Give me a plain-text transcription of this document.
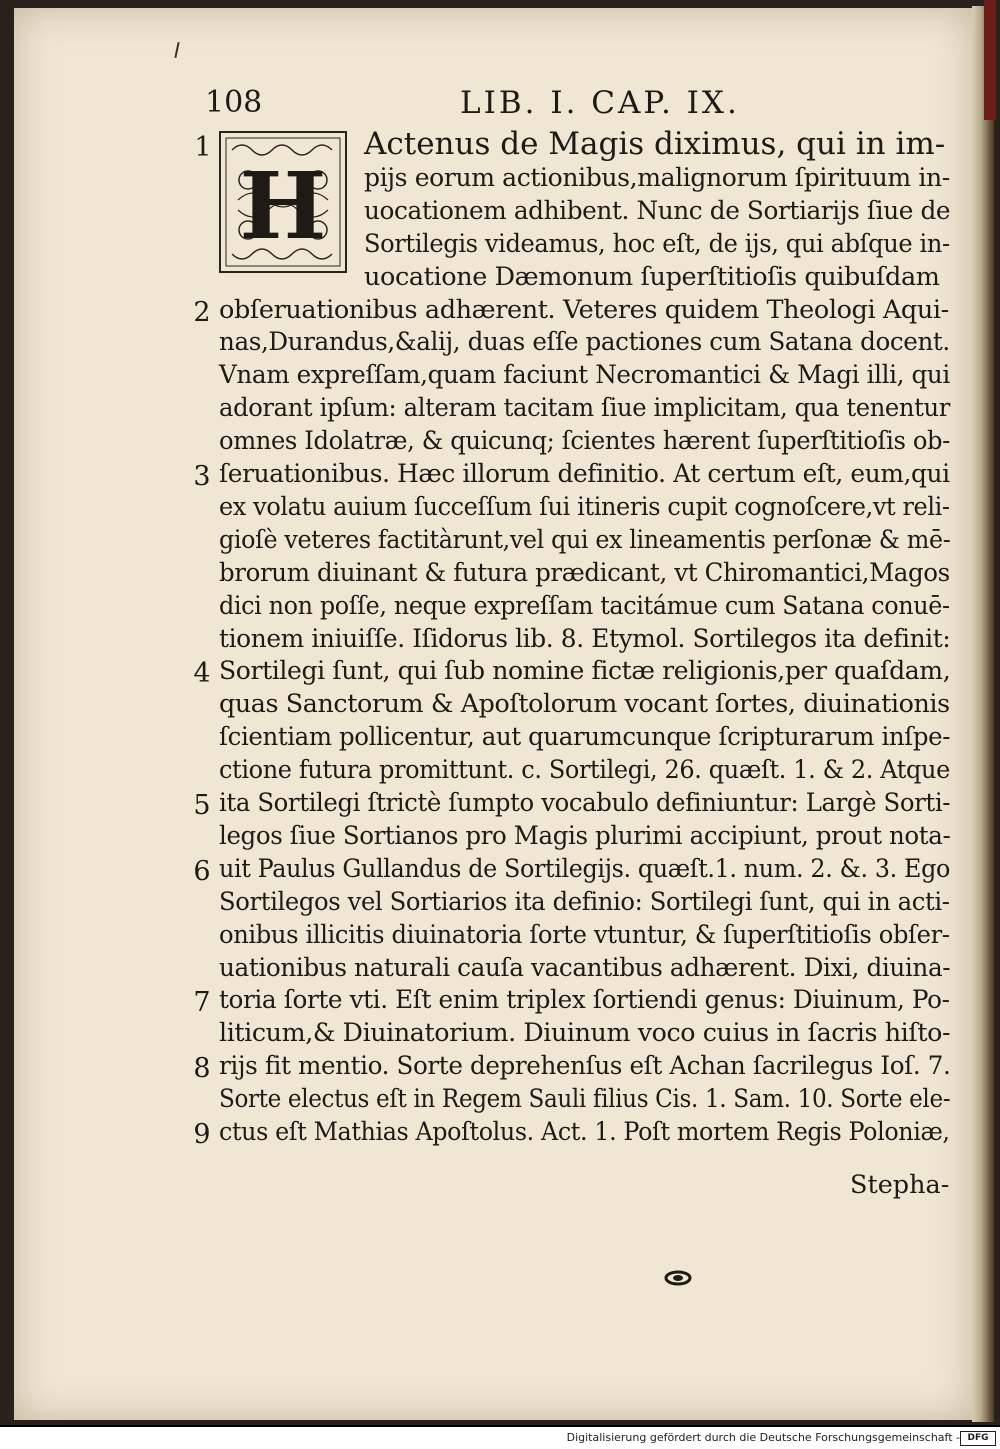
108	LIB. I. CAP. IX.
H
Actenus de Magis diximus, qui in im-
1
pijs eorum actionibus,malignorum ſpirituum in-
uocationem adhibent. Nunc de Sortiarijs ſiue de
Sortilegis videamus, hoc eſt, de ijs, qui abſque in-
uocatione Dæmonum ſuperſtitioſis quibuſdam
obſeruationibus adhærent. Veteres quidem Theologi Aqui-
2
nas,Durandus,&alij, duas eſſe pactiones cum Satana docent.
Vnam expreſſam,quam faciunt Necromantici & Magi illi, qui
adorant ipſum: alteram tacitam ſiue implicitam, qua tenentur
omnes Idolatræ, & quicunq; ſcientes hærent ſuperſtitioſis ob-
ſeruationibus. Hæc illorum definitio. At certum eſt, eum,qui
3
ex volatu auium ſucceſſum ſui itineris cupit cognoſcere,vt reli-
gioſè veteres factitàrunt,vel qui ex lineamentis perſonæ & mē-
brorum diuinant & futura prædicant, vt Chiromantici,Magos
dici non poſſe, neque expreſſam tacitámue cum Satana conuē-
tionem iniuiſſe. Iſidorus lib. 8. Etymol. Sortilegos ita definit:
Sortilegi ſunt, qui ſub nomine fictæ religionis,per quaſdam,
4
quas Sanctorum & Apoſtolorum vocant ſortes, diuinationis
ſcientiam pollicentur, aut quarumcunque ſcripturarum inſpe-
ctione futura promittunt. c. Sortilegi, 26. quæſt. 1. & 2. Atque
ita Sortilegi ſtrictè ſumpto vocabulo definiuntur: Largè Sorti-
5
legos ſiue Sortianos pro Magis plurimi accipiunt, prout nota-
uit Paulus Gullandus de Sortilegijs. quæſt.1. num. 2. &. 3. Ego
6
Sortilegos vel Sortiarios ita definio: Sortilegi ſunt, qui in acti-
onibus illicitis diuinatoria ſorte vtuntur, & ſuperſtitioſis obſer-
uationibus naturali cauſa vacantibus adhærent. Dixi, diuina-
toria ſorte vti. Eſt enim triplex ſortiendi genus: Diuinum, Po-
7
liticum,& Diuinatorium. Diuinum voco cuius in ſacris hiſto-
rijs fit mentio. Sorte deprehenſus eſt Achan ſacrilegus Ioſ. 7.
8
Sorte electus eſt in Regem Sauli filius Cis. 1. Sam. 10. Sorte ele-
ctus eſt Mathias Apoſtolus. Act. 1. Poſt mortem Regis Poloniæ,
9
Stepha-
Digitalisierung gefördert durch die Deutsche Forschungsgemeinschaft - DFG
